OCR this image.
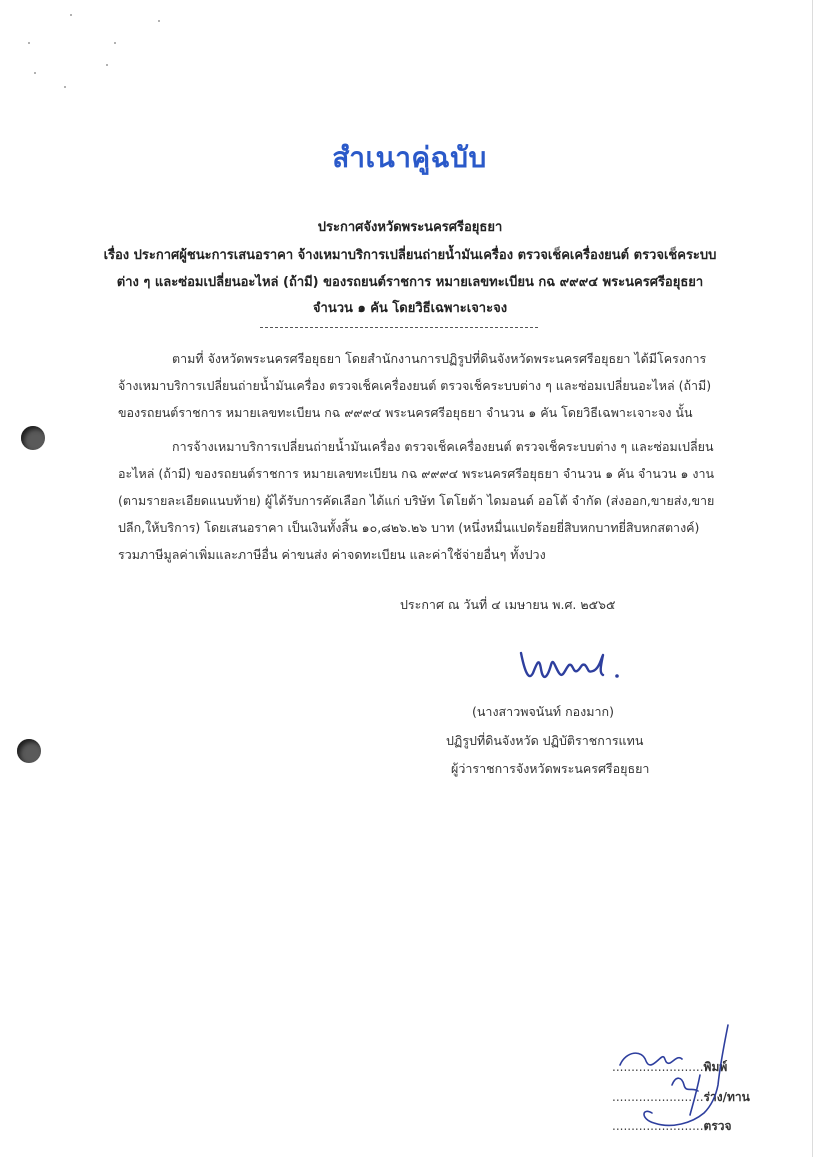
สำเนาคู่ฉบับ
ประกาศจังหวัดพระนครศรีอยุธยา
เรื่อง ประกาศผู้ชนะการเสนอราคา จ้างเหมาบริการเปลี่ยนถ่ายน้ำมันเครื่อง ตรวจเช็คเครื่องยนต์ ตรวจเช็คระบบ
ต่าง ๆ และซ่อมเปลี่ยนอะไหล่ (ถ้ามี) ของรถยนต์ราชการ หมายเลขทะเบียน กฉ ๙๙๙๔ พระนครศรีอยุธยา
จำนวน ๑ คัน โดยวิธีเฉพาะเจาะจง
ตามที่ จังหวัดพระนครศรีอยุธยา โดยสำนักงานการปฏิรูปที่ดินจังหวัดพระนครศรีอยุธยา ได้มีโครงการ
จ้างเหมาบริการเปลี่ยนถ่ายน้ำมันเครื่อง ตรวจเช็คเครื่องยนต์ ตรวจเช็คระบบต่าง ๆ และซ่อมเปลี่ยนอะไหล่ (ถ้ามี)
ของรถยนต์ราชการ หมายเลขทะเบียน กฉ ๙๙๙๔ พระนครศรีอยุธยา จำนวน ๑ คัน โดยวิธีเฉพาะเจาะจง นั้น
การจ้างเหมาบริการเปลี่ยนถ่ายน้ำมันเครื่อง ตรวจเช็คเครื่องยนต์ ตรวจเช็คระบบต่าง ๆ และซ่อมเปลี่ยน
อะไหล่ (ถ้ามี) ของรถยนต์ราชการ หมายเลขทะเบียน กฉ ๙๙๙๔ พระนครศรีอยุธยา จำนวน ๑ คัน จำนวน ๑ งาน
(ตามรายละเอียดแนบท้าย) ผู้ได้รับการคัดเลือก ได้แก่ บริษัท โตโยต้า ไดมอนด์ ออโต้ จำกัด (ส่งออก,ขายส่ง,ขาย
ปลีก,ให้บริการ) โดยเสนอราคา เป็นเงินทั้งสิ้น ๑๐,๘๒๖.๒๖ บาท (หนึ่งหมื่นแปดร้อยยี่สิบหกบาทยี่สิบหกสตางค์)
รวมภาษีมูลค่าเพิ่มและภาษีอื่น ค่าขนส่ง ค่าจดทะเบียน และค่าใช้จ่ายอื่นๆ ทั้งปวง
ประกาศ ณ วันที่ ๔ เมษายน พ.ศ. ๒๕๖๕
(นางสาวพจนันท์ กองมาก)
ปฏิรูปที่ดินจังหวัด ปฏิบัติราชการแทน
ผู้ว่าราชการจังหวัดพระนครศรีอยุธยา
........................พิมพ์
........................ร่าง/ทาน
........................ตรวจ
